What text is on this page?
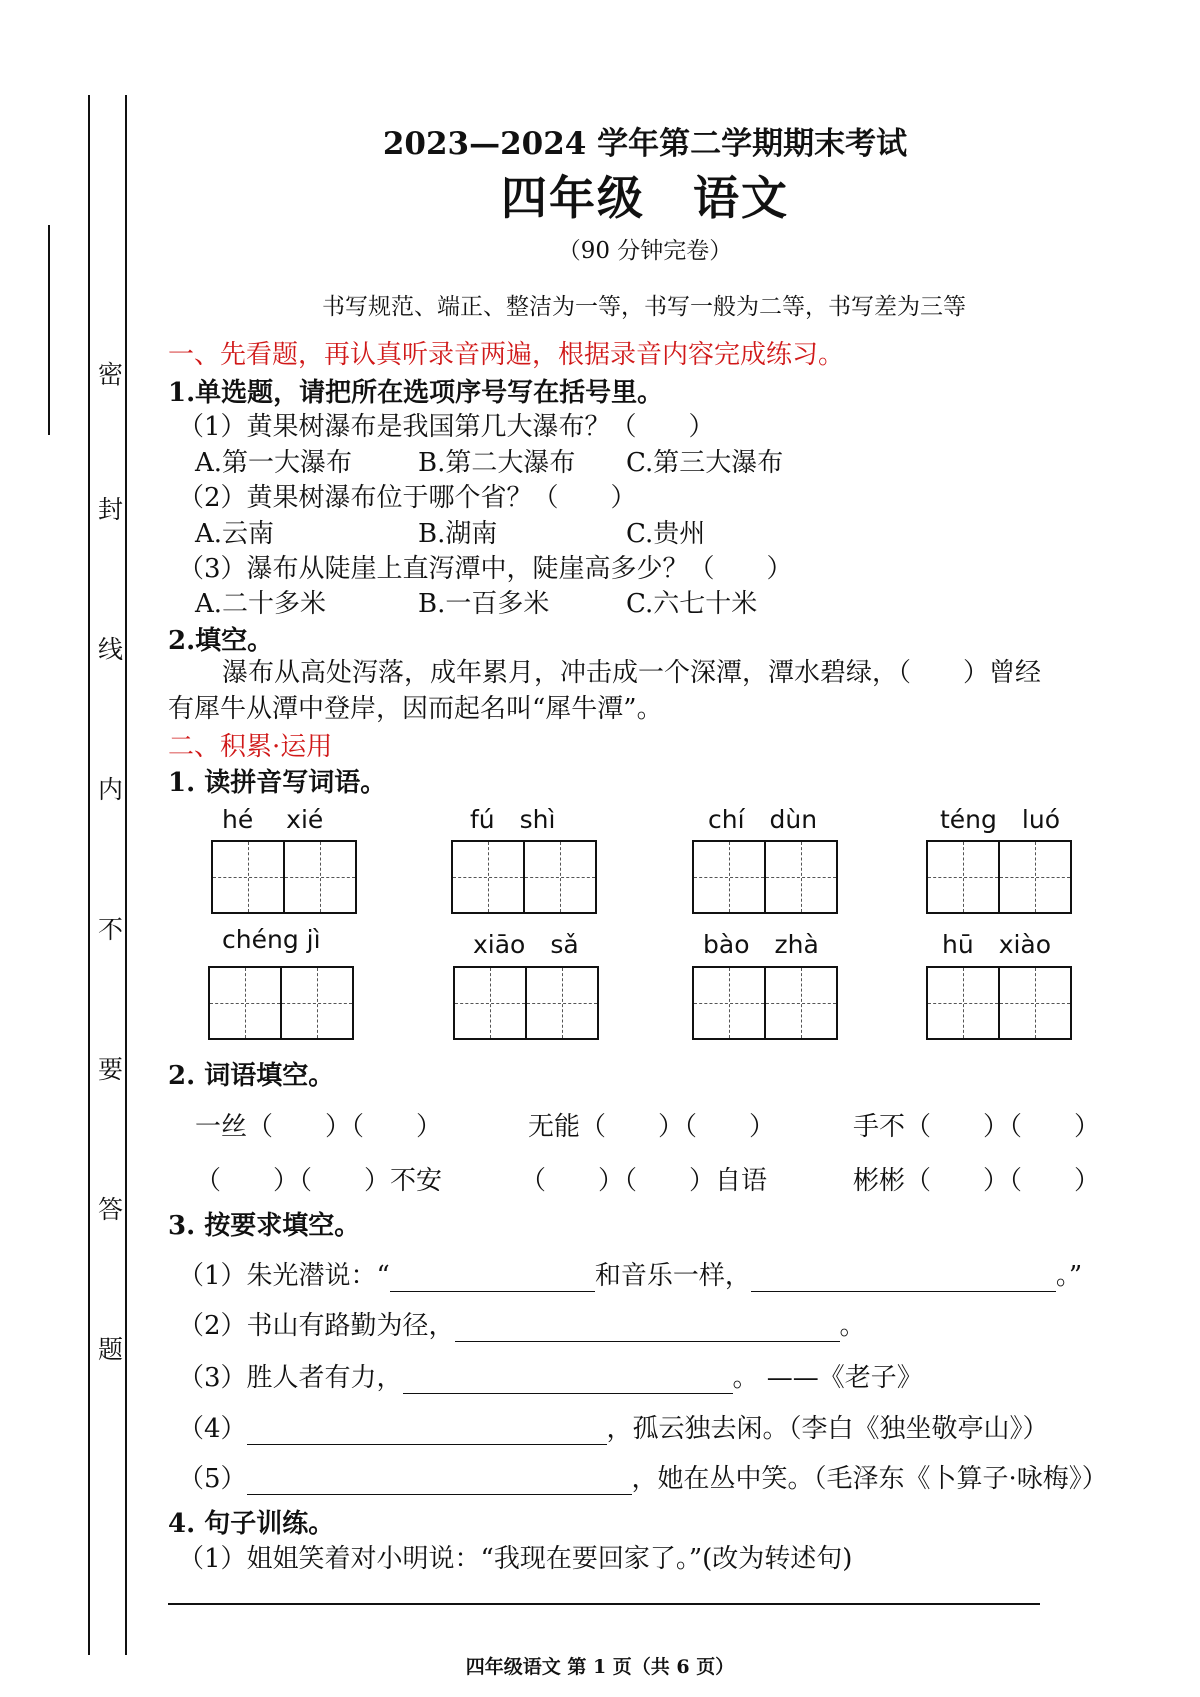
密
封
线
内
不
要
答
题
2023—2024 学年第二学期期末考试
四年级　语文
（90 分钟完卷）
书写规范、端正、整洁为一等，书写一般为二等，书写差为三等
一、先看题，再认真听录音两遍，根据录音内容完成练习。
1.单选题，请把所在选项序号写在括号里。
（1）黄果树瀑布是我国第几大瀑布？（　　）
A.第一大瀑布	B.第二大瀑布 C.第三大瀑布
（2）黄果树瀑布位于哪个省？（　　）
A.云南	B.湖南	C.贵州
（3）瀑布从陡崖上直泻潭中，陡崖高多少？（　　）
A.二十多米	B.一百多米	C.六七十米
2.填空。
瀑布从高处泻落，成年累月，冲击成一个深潭，潭水碧绿，（　　）曾经
有犀牛从潭中登岸，因而起名叫“犀牛潭”。
二、积累·运用
1. 读拼音写词语。
hé　 xié	fú　shì	chí　dùn	téng　luó
chéng jì	xiāo　sǎ	bào　zhà	hū　xiào
2. 词语填空。
一丝（　　）（　　）	无能（　　）（　　）	手不（　　）（　　）
（　　）（　　）不安	（　　）（　　）自语	彬彬（　　）（　　）
3. 按要求填空。
（1）朱光潜说：“	和音乐一样，	。”
（2）书山有路勤为径，	。
（3）胜人者有力，	。 ——《老子》
（4）	，孤云独去闲。（李白《独坐敬亭山》）
（5）	，她在丛中笑。（毛泽东《卜算子·咏梅》）
4. 句子训练。
（1）姐姐笑着对小明说：“我现在要回家了。”(改为转述句)
四年级语文 第 1 页（共 6 页）
